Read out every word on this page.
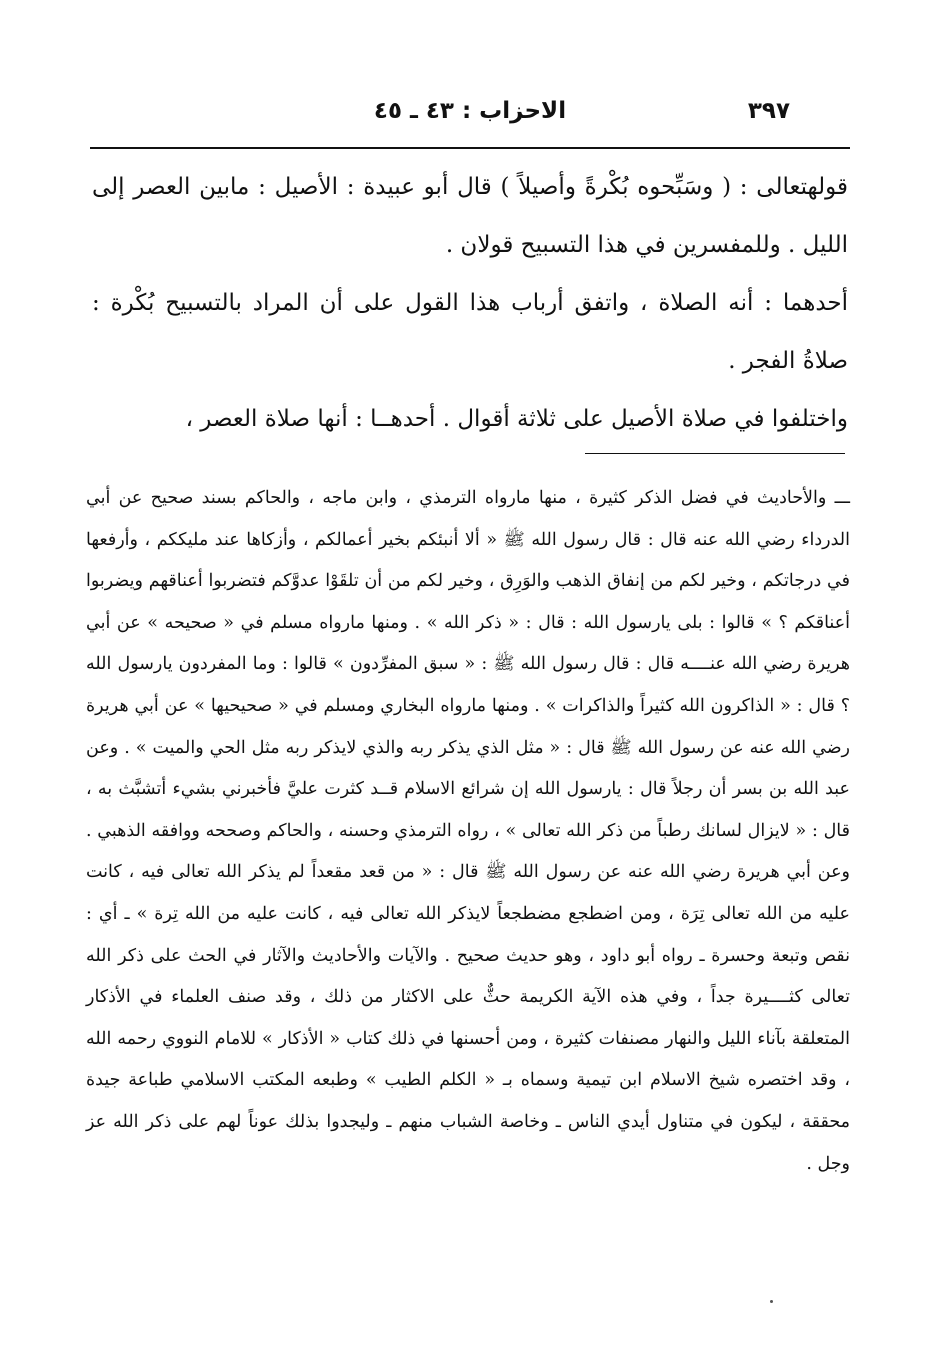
٣٩٧
الاحزاب : ٤٣ ـ ٤٥

قولهتعالى : ( وسَبِّحوه بُكْرةً وأصيلاً ) قال أبو عبيدة : الأصيل : مابين العصر إلى الليل . وللمفسرين في هذا التسبيح قولان .

أحدهما : أنه الصلاة ، واتفق أرباب هذا القول على أن المراد بالتسبيح بُكْرة : صلاةُ الفجر .

واختلفوا في صلاة الأصيل على ثلاثة أقوال . أحدهــا : أنها صلاة العصر ،

ـــ والأحاديث في فضل الذكر كثيرة ، منها مارواه الترمذي ، وابن ماجه ، والحاكم بسند صحيح عن أبي الدرداء رضي الله عنه قال : قال رسول الله ﷺ « ألا أنبئكم بخير أعمالكم ، وأزكاها عند مليككم ، وأرفعها في درجاتكم ، وخير لكم من إنفاق الذهب والوَرِق ، وخير لكم من أن تلقَوْا عدوَّكم فتضربوا أعناقهم ويضربوا أعناقكم ؟ » قالوا : بلى يارسول الله : قال : « ذكر الله » . ومنها مارواه مسلم في « صحيحه » عن أبي هريرة رضي الله عنــــه قال : قال رسول الله ﷺ : « سبق المفرِّدون » قالوا : وما المفردون يارسول الله ؟ قال : « الذاكرون الله كثيراً والذاكرات » . ومنها مارواه البخاري ومسلم في « صحيحيها » عن أبي هريرة رضي الله عنه عن رسول الله ﷺ قال : « مثل الذي يذكر ربه والذي لايذكر ربه مثل الحي والميت » . وعن عبد الله بن بسر أن رجلاً قال : يارسول الله إن شرائع الاسلام قــد كثرت عليَّ فأخبرني بشيء أتشبَّث به ، قال : « لايزال لسانك رطباً من ذكر الله تعالى » ، رواه الترمذي وحسنه ، والحاكم وصححه ووافقه الذهبي . وعن أبي هريرة رضي الله عنه عن رسول الله ﷺ قال : « من قعد مقعداً لم يذكر الله تعالى فيه ، كانت عليه من الله تعالى تِرَة ، ومن اضطجع مضطجعاً لايذكر الله تعالى فيه ، كانت عليه من الله تِرة » ـ أي : نقص وتبعة وحسرة ـ رواه أبو داود ، وهو حديث صحيح . والآيات والأحاديث والآثار في الحث على ذكر الله تعالى كثــــيرة جداً ، وفي هذه الآية الكريمة حثٌّ على الاكثار من ذلك ، وقد صنف العلماء في الأذكار المتعلقة بآناء الليل والنهار مصنفات كثيرة ، ومن أحسنها في ذلك كتاب « الأذكار » للامام النووي رحمه الله ، وقد اختصره شيخ الاسلام ابن تيمية وسماه بـ « الكلم الطيب » وطبعه المكتب الاسلامي طباعة جيدة محققة ، ليكون في متناول أيدي الناس ـ وخاصة الشباب منهم ـ وليجدوا بذلك عوناً لهم على ذكر الله عز وجل .
